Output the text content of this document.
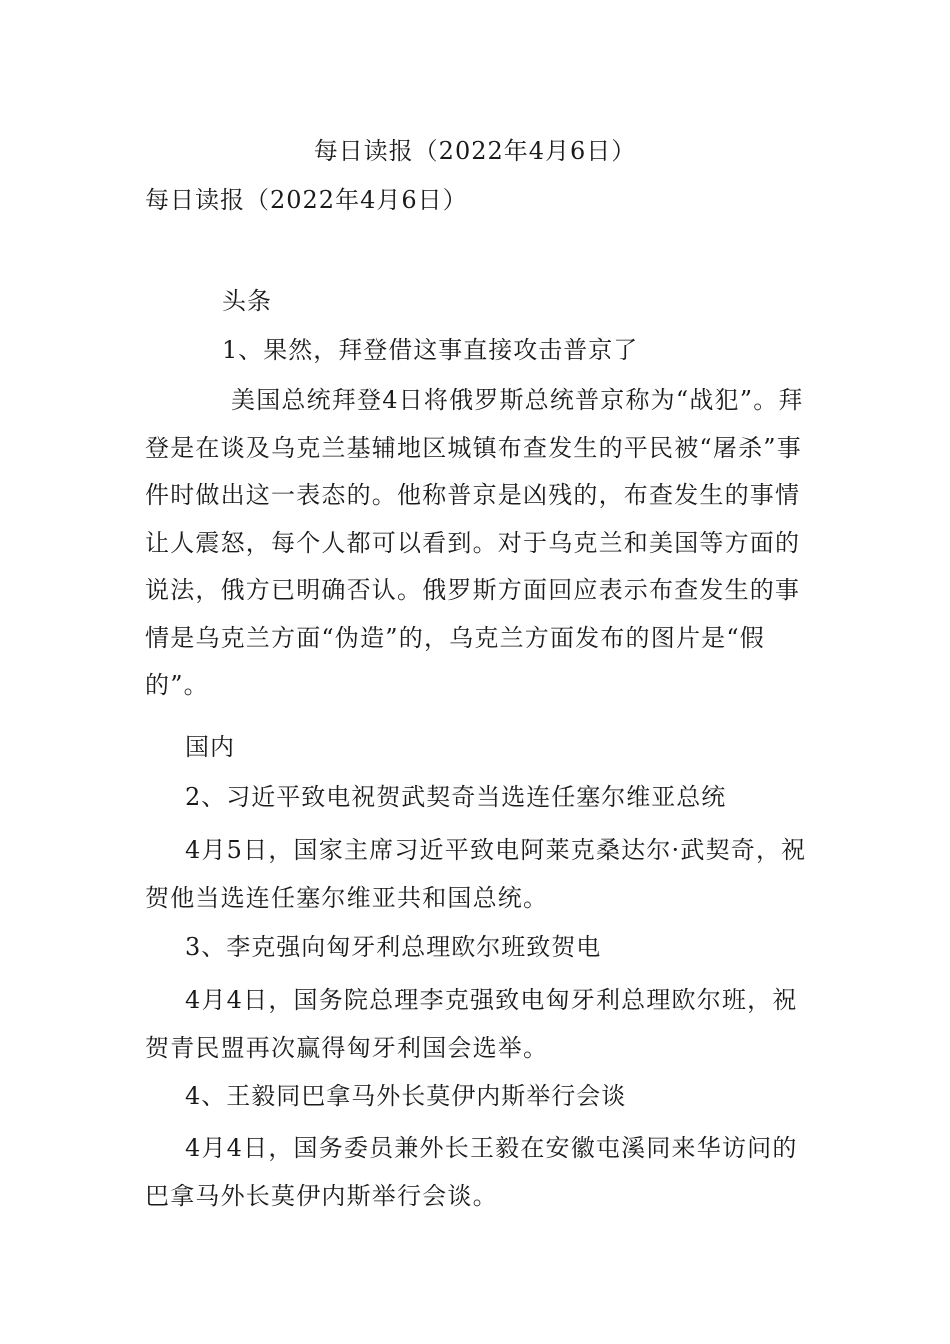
每日读报（2022年4月6日）
每日读报（2022年4月6日）
头条
1、果然，拜登借这事直接攻击普京了

美国总统拜登4日将俄罗斯总统普京称为“战犯”。拜登是在谈及乌克兰基辅地区城镇布查发生的平民被“屠杀”事件时做出这一表态的。他称普京是凶残的，布查发生的事情让人震怒，每个人都可以看到。对于乌克兰和美国等方面的说法，俄方已明确否认。俄罗斯方面回应表示布查发生的事情是乌克兰方面“伪造”的，乌克兰方面发布的图片是“假的”。

国内
2、习近平致电祝贺武契奇当选连任塞尔维亚总统

4月5日，国家主席习近平致电阿莱克桑达尔·武契奇，祝贺他当选连任塞尔维亚共和国总统。

3、李克强向匈牙利总理欧尔班致贺电

4月4日，国务院总理李克强致电匈牙利总理欧尔班，祝贺青民盟再次赢得匈牙利国会选举。

4、王毅同巴拿马外长莫伊内斯举行会谈

4月4日，国务委员兼外长王毅在安徽屯溪同来华访问的巴拿马外长莫伊内斯举行会谈。
